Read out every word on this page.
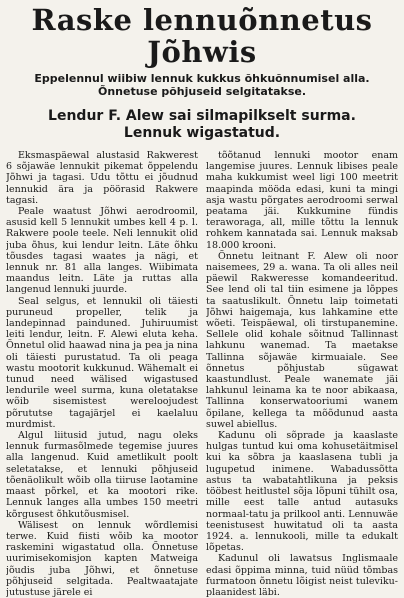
Raske lennuõnnetus Jõhwis
Eppelennul wiibiw lennuk kukkus õhkuõnnumisel alla. Õnnetuse põhjuseid selgitatakse.
Lendur F. Alew sai silmapilkselt surma.
Lennuk wigastatud.

Eksmaspäewal alustasid Rakwerest 6 sõjawäe lennukit pikemat õppelendu Jõhwi ja tagasi. Udu tõttu ei jõudnud lennukid ära ja pöörasid Rakwere tagasi.

Peale waatust Jõhwi aerodroomil, asusid kell 5 lennukit umbes kell 4 p. l. Rakwere poole teele. Neli lennukit olid juba õhus, kui lendur leitn. Läte õhku tõusdes tagasi waates ja nägi, et lennuk nr. 81 alla langes. Wiibimata maandus leitn. Läte ja ruttas alla langenud lennuki juurde.

Seal selgus, et lennukil oli täiesti puruneud propeller, telik ja landepinnad painduned. Juhiruumist leiti lendur, leitn. F. Alewi eluta keha. Õnnetul olid haawad nina ja pea ja nina oli täiesti purustatud. Ta oli peaga wastu mootorit kukkunud. Wähemalt ei tunud need wälised wigastused lendurile weel surma, kuna oletatakse wõib sisemistest wereloojudest põrututse tagajärjel ei kaelaluu murdmist.

Algul liitusid jutud, nagu oleks lennuk furmasõlmede tegemise juures alla langenud. Kuid ametlikult poolt seletatakse, et lennuki põhjuseid tõenäolikult wõib olla tiiruse laotamine maast põrkel, et ka mootori rike. Lennuk langes alla umbes 150 meetri kõrgusest õhkutõusmisel.

Wälisest on lennuk wõrdlemisi terwe. Kuid fiisti wõib ka mootor raskemini wigastatud olla. Õnnetuse uurimisekomisjon kapten Matweiga jõudis juba Jõhwi, et õnnetuse põhjuseid selgitada. Pealtwaatajate jutustuse järele ei

tõõtanud lennuki mootor enam langemise juures. Lennuk libises peale maha kukkumist weel ligi 100 meetrit maapinda mööda edasi, kuni ta mingi asja wastu põrgates aerodroomi serwal peatama jäi. Kukkumine fündis teraworaga, all, mille tõttu la lennuk rohkem kannatada sai. Lennuk maksab 18.000 krooni.

Õnnetu leitnant F. Alew oli noor naisemees, 29 a. wana. Ta oli alles neil päewil Rakweresse komandeeritud. See lend oli tal tiin esimene ja lõppes ta saatuslikult. Õnnetu laip toimetati Jõhwi haigemaja, kus lahkamine ette wõeti. Teispäewal, oli tirstupanemine. Sellele olid kohale sõitnud Tallinnast lahkunu wanemad. Ta maetakse Tallinna sõjawäe kirmuaiale. See õnnetus põhjustab sügawat kaastundlust. Peale wanemate jäi lahkunul leinama ka te noor abikaasa, Tallinna konserwatooriumi wanem õpilane, kellega ta mõõdunud aasta suwel abiellus.

Kadunu oli sõprade ja kaaslaste hulgas tuntud kui oma kohusetäitmisel kui ka sõbra ja kaaslasena tubli ja lugupetud inimene. Wabadussõtta astus ta wabatahtlikuna ja peksis tööbest heitlustel sõja lõpuni tühilt osa, mille eest talle antud autasuks normaal-tatu ja prilkool anti. Lennuwäe teenistusest huwitatud oli ta aasta 1924. a. lennukooli, mille ta edukalt lõpetas.

Kadunul oli lawatsus Inglismaale edasi õppima minna, tuid nüüd tõmbas furmatoon õnnetu lõigist neist tuleviku-plaanidest läbi.
